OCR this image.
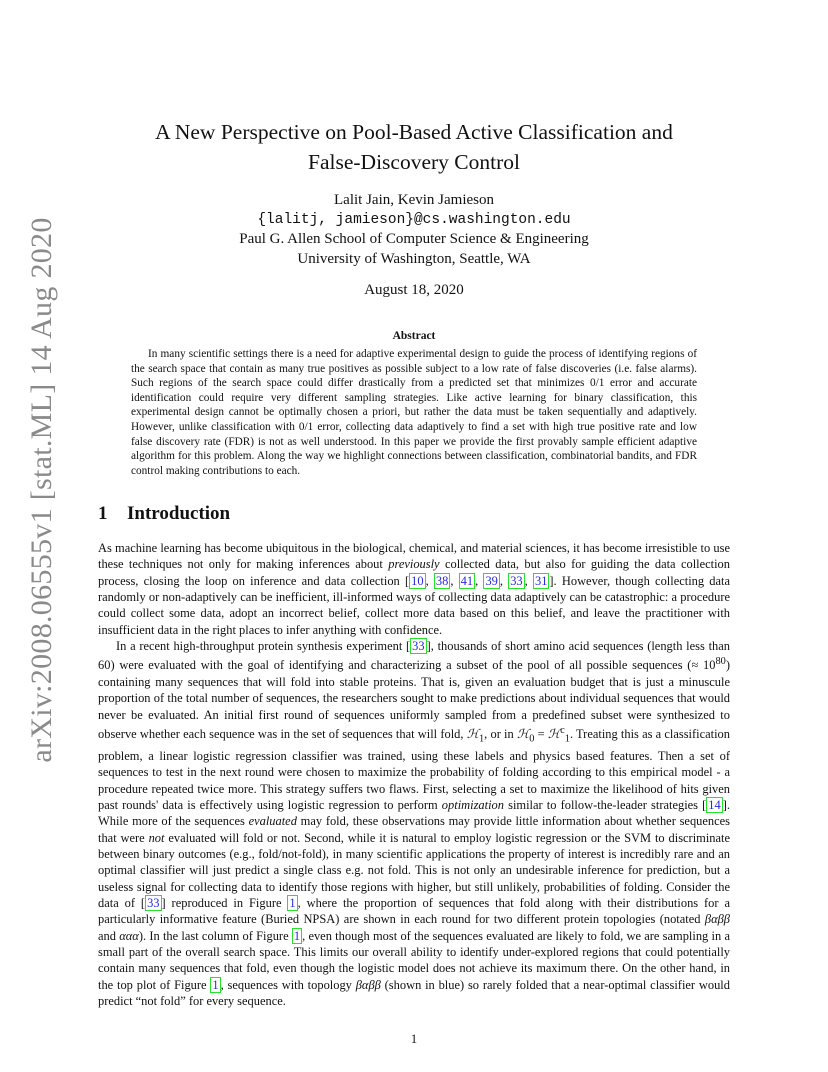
arXiv:2008.06555v1 [stat.ML] 14 Aug 2020
A New Perspective on Pool-Based Active Classification and
False-Discovery Control
Lalit Jain, Kevin Jamieson
{lalitj, jamieson}@cs.washington.edu
Paul G. Allen School of Computer Science & Engineering
University of Washington, Seattle, WA
August 18, 2020
Abstract

In many scientific settings there is a need for adaptive experimental design to guide the process of identifying regions of the search space that contain as many true positives as possible subject to a low rate of false discoveries (i.e. false alarms). Such regions of the search space could differ drastically from a predicted set that minimizes 0/1 error and accurate identification could require very different sampling strategies. Like active learning for binary classification, this experimental design cannot be optimally chosen a priori, but rather the data must be taken sequentially and adaptively. However, unlike classification with 0/1 error, collecting data adaptively to find a set with high true positive rate and low false discovery rate (FDR) is not as well understood. In this paper we provide the first provably sample efficient adaptive algorithm for this problem. Along the way we highlight connections between classification, combinatorial bandits, and FDR control making contributions to each.

1 Introduction

As machine learning has become ubiquitous in the biological, chemical, and material sciences, it has become irresistible to use these techniques not only for making inferences about previously collected data, but also for guiding the data collection process, closing the loop on inference and data collection [ 10 , 38 , 41 , 39 , 33 , 31 ]. However, though collecting data randomly or non-adaptively can be inefficient, ill-informed ways of collecting data adaptively can be catastrophic: a procedure could collect some data, adopt an incorrect belief, collect more data based on this belief, and leave the practitioner with insufficient data in the right places to infer anything with confidence.

In a recent high-throughput protein synthesis experiment [ 33 ], thousands of short amino acid sequences (length less than 60) were evaluated with the goal of identifying and characterizing a subset of the pool of all possible sequences (≈ $10^{80}$) containing many sequences that will fold into stable proteins. That is, given an evaluation budget that is just a minuscule proportion of the total number of sequences, the researchers sought to make predictions about individual sequences that would never be evaluated. An initial first round of sequences uniformly sampled from a predefined subset were synthesized to observe whether each sequence was in the set of sequences that will fold, ℋ$_1$, or in ℋ$_0$ = ℋ$^c_1$. Treating this as a classification problem, a linear logistic regression classifier was trained, using these labels and physics based features. Then a set of sequences to test in the next round were chosen to maximize the probability of folding according to this empirical model - a procedure repeated twice more. This strategy suffers two flaws. First, selecting a set to maximize the likelihood of hits given past rounds' data is effectively using logistic regression to perform optimization similar to follow-the-leader strategies [ 14 ]. While more of the sequences evaluated may fold, these observations may provide little information about whether sequences that were not evaluated will fold or not. Second, while it is natural to employ logistic regression or the SVM to discriminate between binary outcomes (e.g., fold/not-fold), in many scientific applications the property of interest is incredibly rare and an optimal classifier will just predict a single class e.g. not fold. This is not only an undesirable inference for prediction, but a useless signal for collecting data to identify those regions with higher, but still unlikely, probabilities of folding. Consider the data of [ 33 ] reproduced in Figure 1 , where the proportion of sequences that fold along with their distributions for a particularly informative feature (Buried NPSA) are shown in each round for two different protein topologies (notated βαββ and ααα). In the last column of Figure 1 , even though most of the sequences evaluated are likely to fold, we are sampling in a small part of the overall search space. This limits our overall ability to identify under-explored regions that could potentially contain many sequences that fold, even though the logistic model does not achieve its maximum there. On the other hand, in the top plot of Figure 1 , sequences with topology βαββ (shown in blue) so rarely folded that a near-optimal classifier would predict “not fold” for every sequence.

1
